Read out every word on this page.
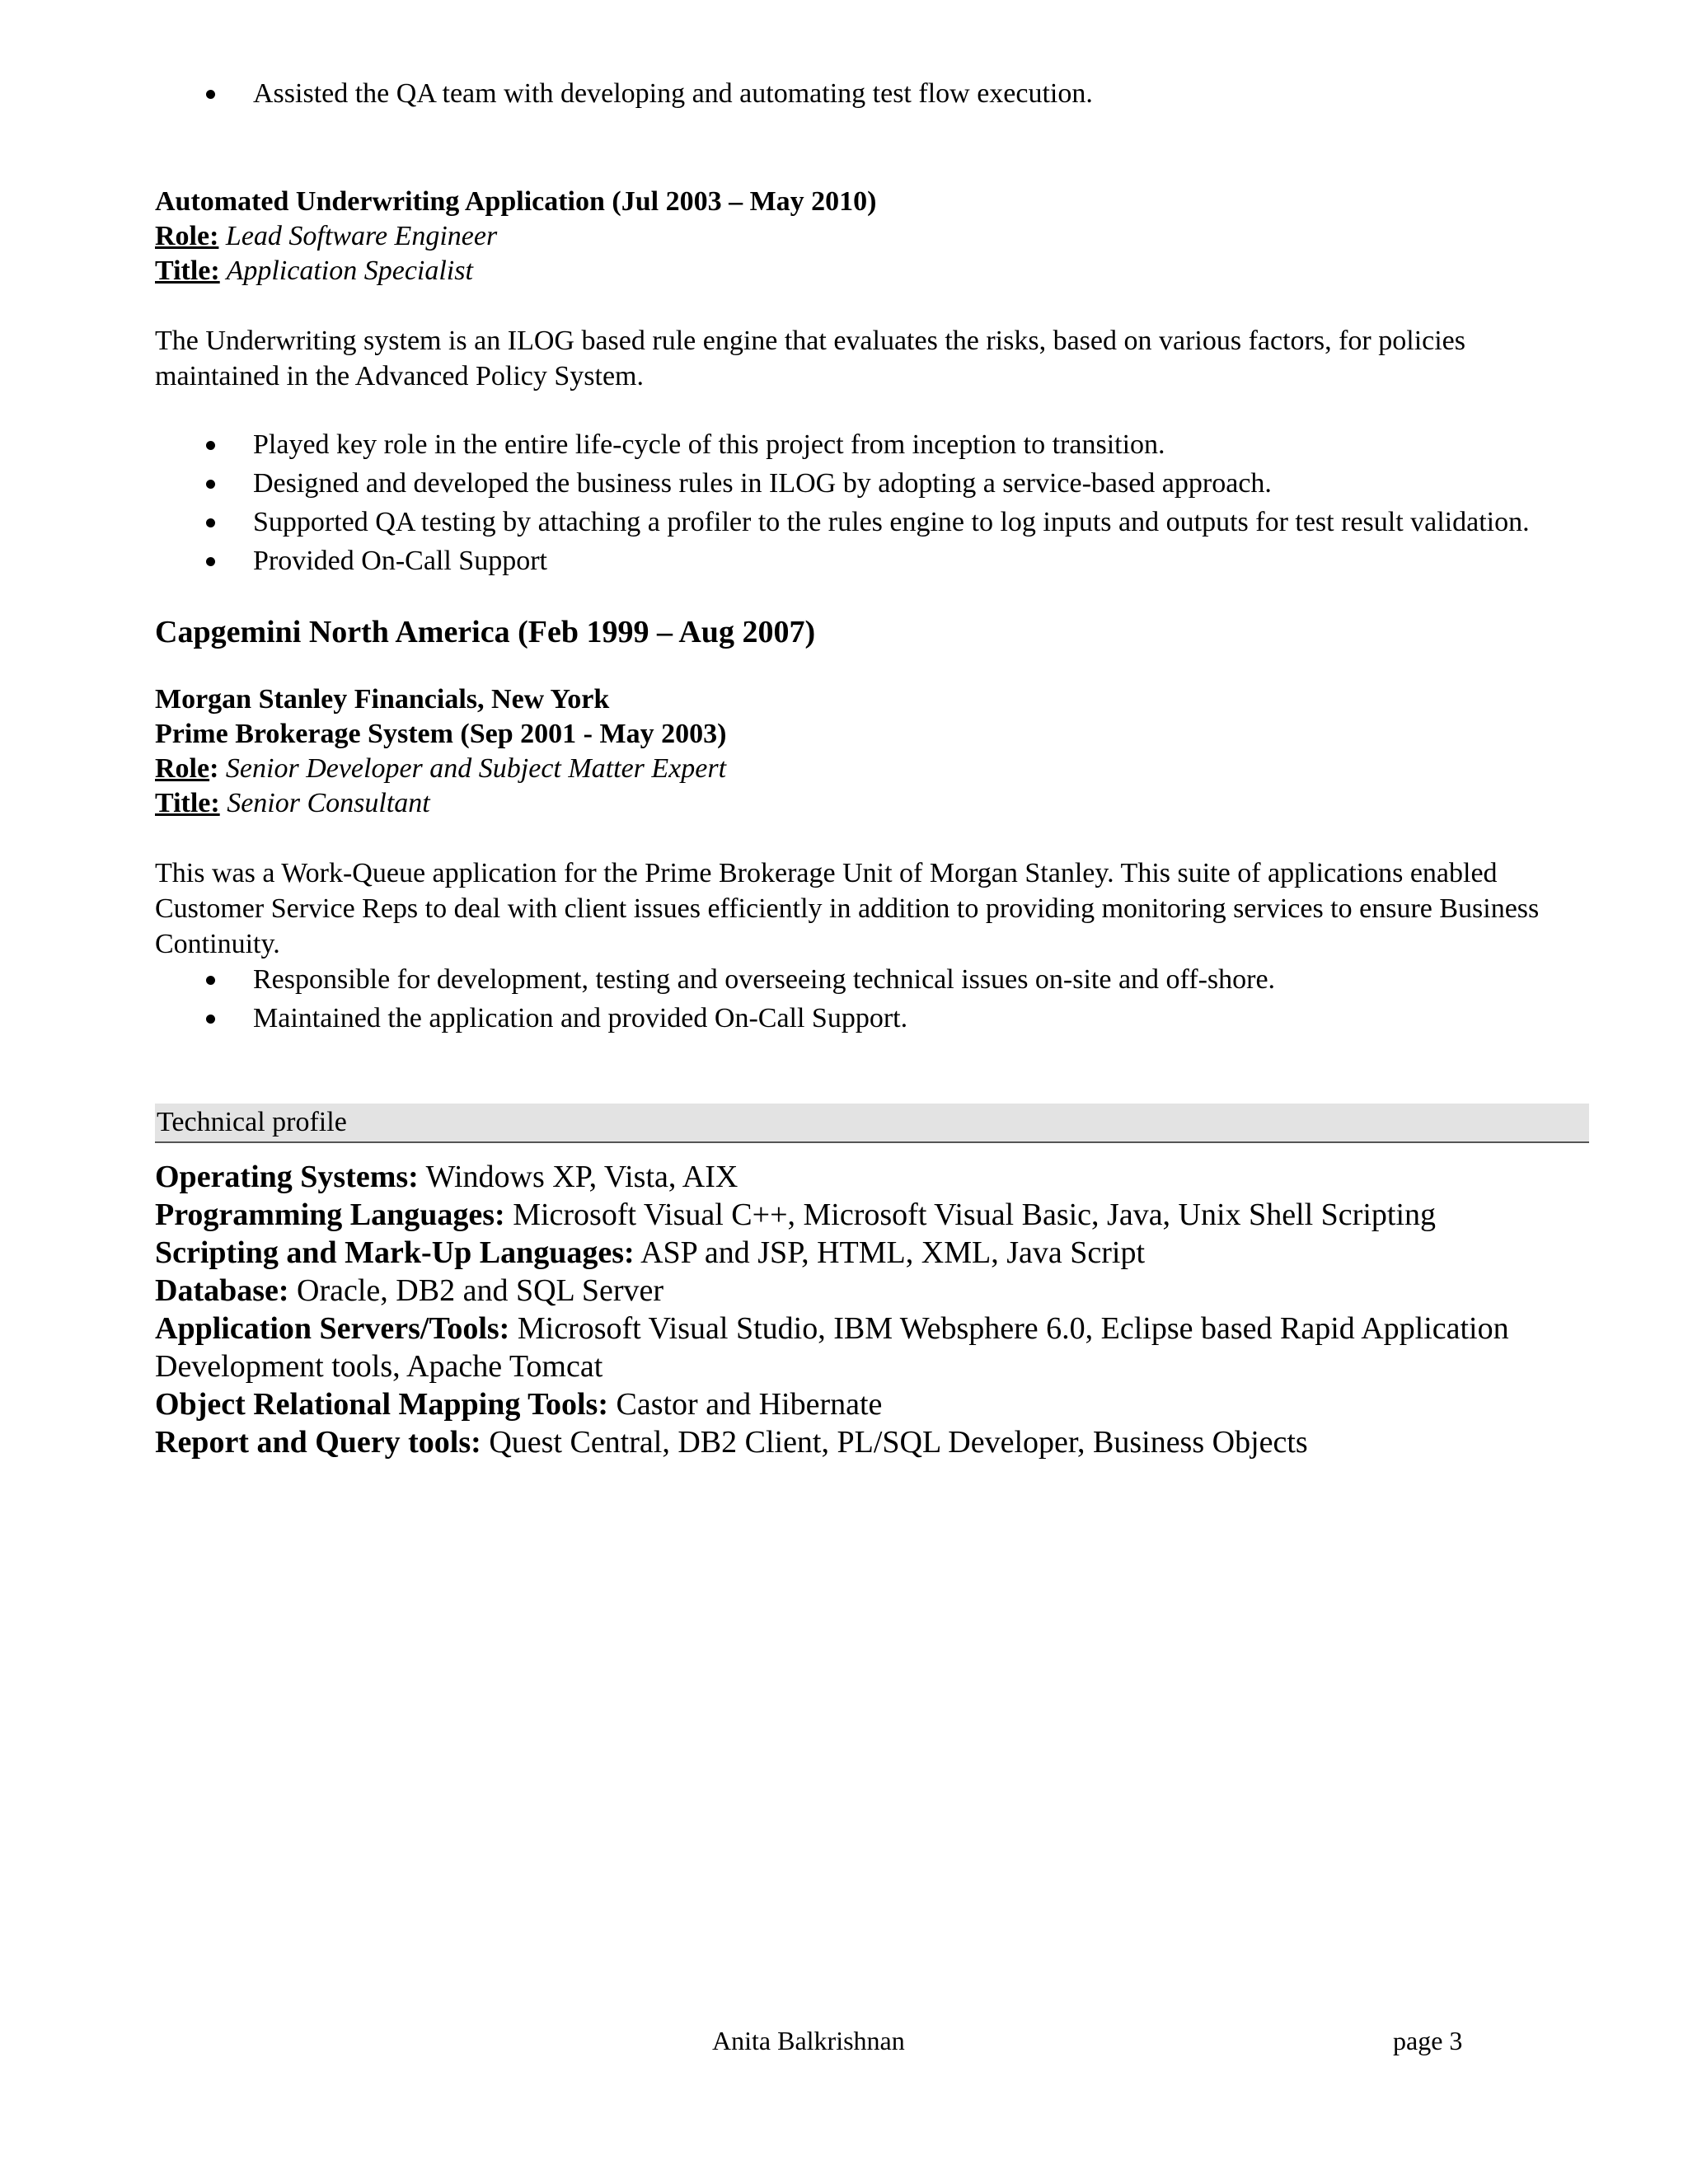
Assisted the QA team with developing and automating test flow execution.
Automated Underwriting Application (Jul 2003 – May 2010)
Role: Lead Software Engineer
Title: Application Specialist
The Underwriting system is an ILOG based rule engine that evaluates the risks, based on various factors, for policies maintained in the Advanced Policy System.
Played key role in the entire life-cycle of this project from inception to transition.
Designed and developed the business rules in ILOG by adopting a service-based approach.
Supported QA testing by attaching a profiler to the rules engine to log inputs and outputs for test result validation.
Provided On-Call Support
Capgemini North America (Feb 1999 – Aug 2007)
Morgan Stanley Financials, New York
Prime Brokerage System (Sep 2001 - May 2003)
Role: Senior Developer and Subject Matter Expert
Title: Senior Consultant
This was a Work-Queue application for the Prime Brokerage Unit of Morgan Stanley. This suite of applications enabled Customer Service Reps to deal with client issues efficiently in addition to providing monitoring services to ensure Business Continuity.
Responsible for development, testing and overseeing technical issues on-site and off-shore.
Maintained the application and provided On-Call Support.
Technical profile
Operating Systems: Windows XP, Vista, AIX
Programming Languages: Microsoft Visual C++, Microsoft Visual Basic, Java, Unix Shell Scripting
Scripting and Mark-Up Languages: ASP and JSP, HTML, XML, Java Script
Database: Oracle, DB2 and SQL Server
Application Servers/Tools: Microsoft Visual Studio, IBM Websphere 6.0, Eclipse based Rapid Application Development tools, Apache Tomcat
Object Relational Mapping Tools: Castor and Hibernate
Report and Query tools: Quest Central, DB2 Client, PL/SQL Developer, Business Objects
Anita Balkrishnan	page 3
